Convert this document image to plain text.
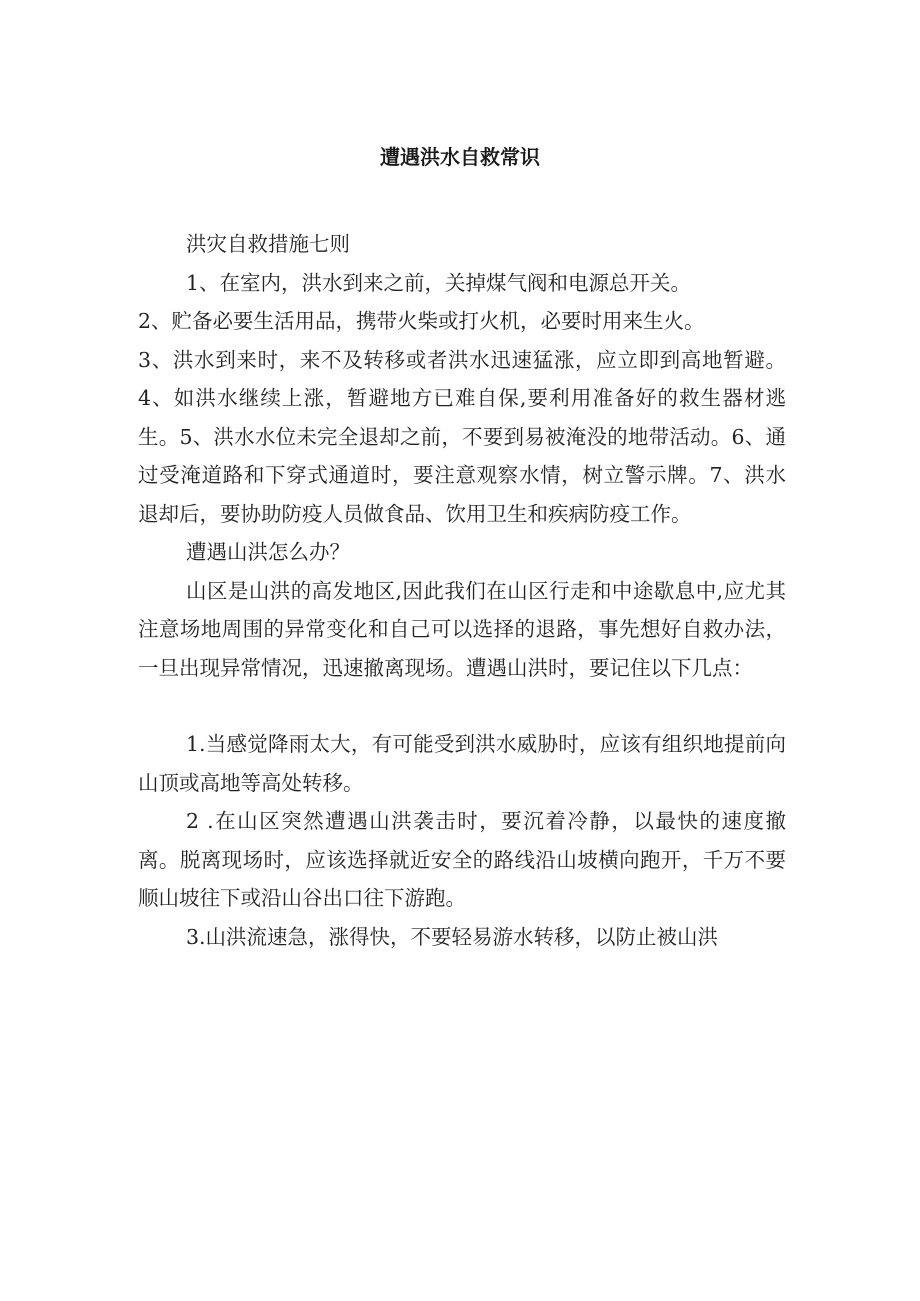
遭遇洪水自救常识

洪灾自救措施七则

1、在室内，洪水到来之前，关掉煤气阀和电源总开关。

2、贮备必要生活用品，携带火柴或打火机，必要时用来生火。

3、洪水到来时，来不及转移或者洪水迅速猛涨，应立即到高地暂避。4、如洪水继续上涨，暂避地方已难自保,要利用准备好的救生器材逃生。5、洪水水位未完全退却之前，不要到易被淹没的地带活动。6、通过受淹道路和下穿式通道时，要注意观察水情，树立警示牌。7、洪水退却后，要协助防疫人员做食品、饮用卫生和疾病防疫工作。

遭遇山洪怎么办？

山区是山洪的高发地区,因此我们在山区行走和中途歇息中,应尤其注意场地周围的异常变化和自己可以选择的退路，事先想好自救办法，一旦出现异常情况，迅速撤离现场。遭遇山洪时，要记住以下几点：

1.当感觉降雨太大，有可能受到洪水威胁时，应该有组织地提前向山顶或高地等高处转移。

2 .在山区突然遭遇山洪袭击时，要沉着冷静，以最快的速度撤离。脱离现场时，应该选择就近安全的路线沿山坡横向跑开，千万不要顺山坡往下或沿山谷出口往下游跑。

3.山洪流速急，涨得快，不要轻易游水转移，以防止被山洪
